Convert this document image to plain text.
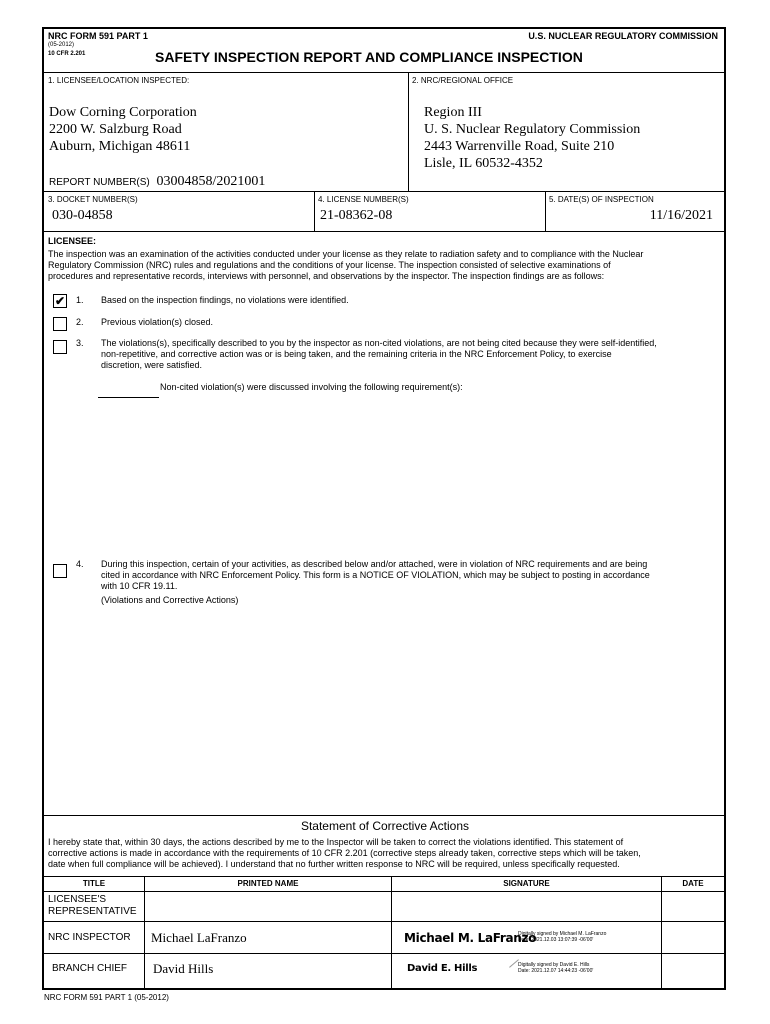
NRC FORM 591 PART 1
(05-2012)
10 CFR 2.201
U.S. NUCLEAR REGULATORY COMMISSION
SAFETY INSPECTION REPORT AND COMPLIANCE INSPECTION
1. LICENSEE/LOCATION INSPECTED:
Dow Corning Corporation
2200 W. Salzburg Road
Auburn, Michigan 48611
REPORT NUMBER(S) 03004858/2021001
2. NRC/REGIONAL OFFICE
Region III
U. S. Nuclear Regulatory Commission
2443 Warrenville Road, Suite 210
Lisle, IL 60532-4352
3. DOCKET NUMBER(S)
030-04858
4. LICENSE NUMBER(S)
21-08362-08
5. DATE(S) OF INSPECTION
11/16/2021
LICENSEE:
The inspection was an examination of the activities conducted under your license as they relate to radiation safety and to compliance with the Nuclear
Regulatory Commission (NRC) rules and regulations and the conditions of your license. The inspection consisted of selective examinations of
procedures and representative records, interviews with personnel, and observations by the inspector. The inspection findings are as follows:
✔ 1. Based on the inspection findings, no violations were identified.
2. Previous violation(s) closed.
3. The violations(s), specifically described to you by the inspector as non-cited violations, are not being cited because they were self-identified,
non-repetitive, and corrective action was or is being taken, and the remaining criteria in the NRC Enforcement Policy, to exercise
discretion, were satisfied.
Non-cited violation(s) were discussed involving the following requirement(s):
4. During this inspection, certain of your activities, as described below and/or attached, were in violation of NRC requirements and are being
cited in accordance with NRC Enforcement Policy. This form is a NOTICE OF VIOLATION, which may be subject to posting in accordance
with 10 CFR 19.11.
(Violations and Corrective Actions)
Statement of Corrective Actions
I hereby state that, within 30 days, the actions described by me to the Inspector will be taken to correct the violations identified. This statement of
corrective actions is made in accordance with the requirements of 10 CFR 2.201 (corrective steps already taken, corrective steps which will be taken,
date when full compliance will be achieved). I understand that no further written response to NRC will be required, unless specifically requested.
TITLE	PRINTED NAME	SIGNATURE	DATE
LICENSEE'S
REPRESENTATIVE
NRC INSPECTOR Michael LaFranzo	Michael M. LaFranzo
Digitally signed by Michael M. LaFranzo
Date: 2021.12.03 13:07:39 -06'00'
BRANCH CHIEF David Hills	David E. Hills	Digitally signed by David E. Hills
Date: 2021.12.07 14:44:23 -06'00'
NRC FORM 591 PART 1 (05-2012)
